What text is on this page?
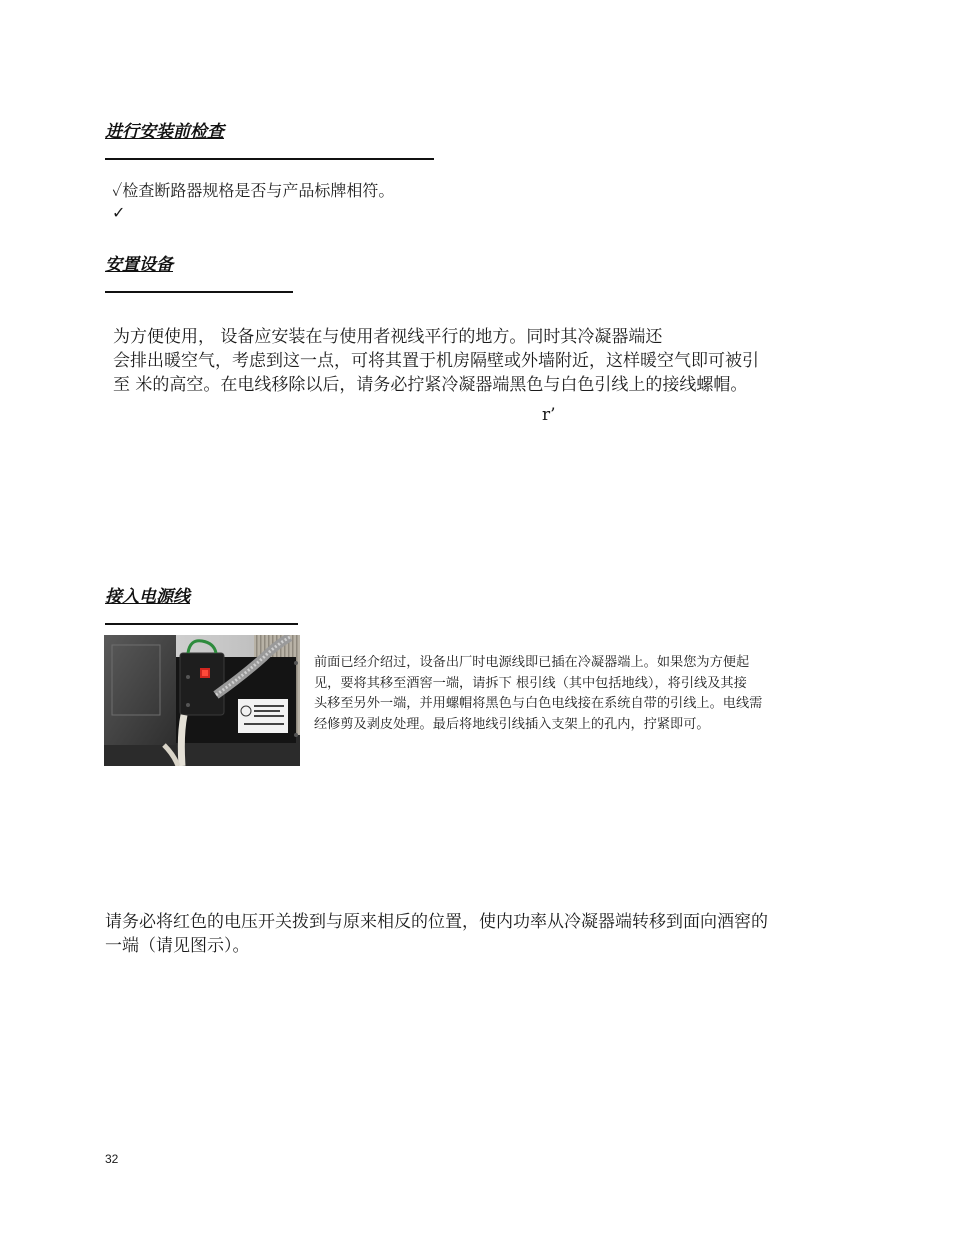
进行安装前检查
✓检查断路器规格是否与产品标牌相符。
✓
安置设备
为方便使用， 设备应安装在与使用者视线平行的地方。同时其冷凝器端还
会排出暖空气，考虑到这一点，可将其置于机房隔壁或外墙附近，这样暖空气即可被引
至 米的高空。在电线移除以后，请务必拧紧冷凝器端黑色与白色引线上的接线螺帽。
r’
接入电源线
前面已经介绍过，设备出厂时电源线即已插在冷凝器端上。如果您为方便起
见，要将其移至酒窖一端，请拆下 根引线（其中包括地线），将引线及其接
头移至另外一端，并用螺帽将黑色与白色电线接在系统自带的引线上。电线需
经修剪及剥皮处理。最后将地线引线插入支架上的孔内，拧紧即可。
请务必将红色的电压开关拨到与原来相反的位置，使内功率从冷凝器端转移到面向酒窖的
一端（请见图示）。
32
